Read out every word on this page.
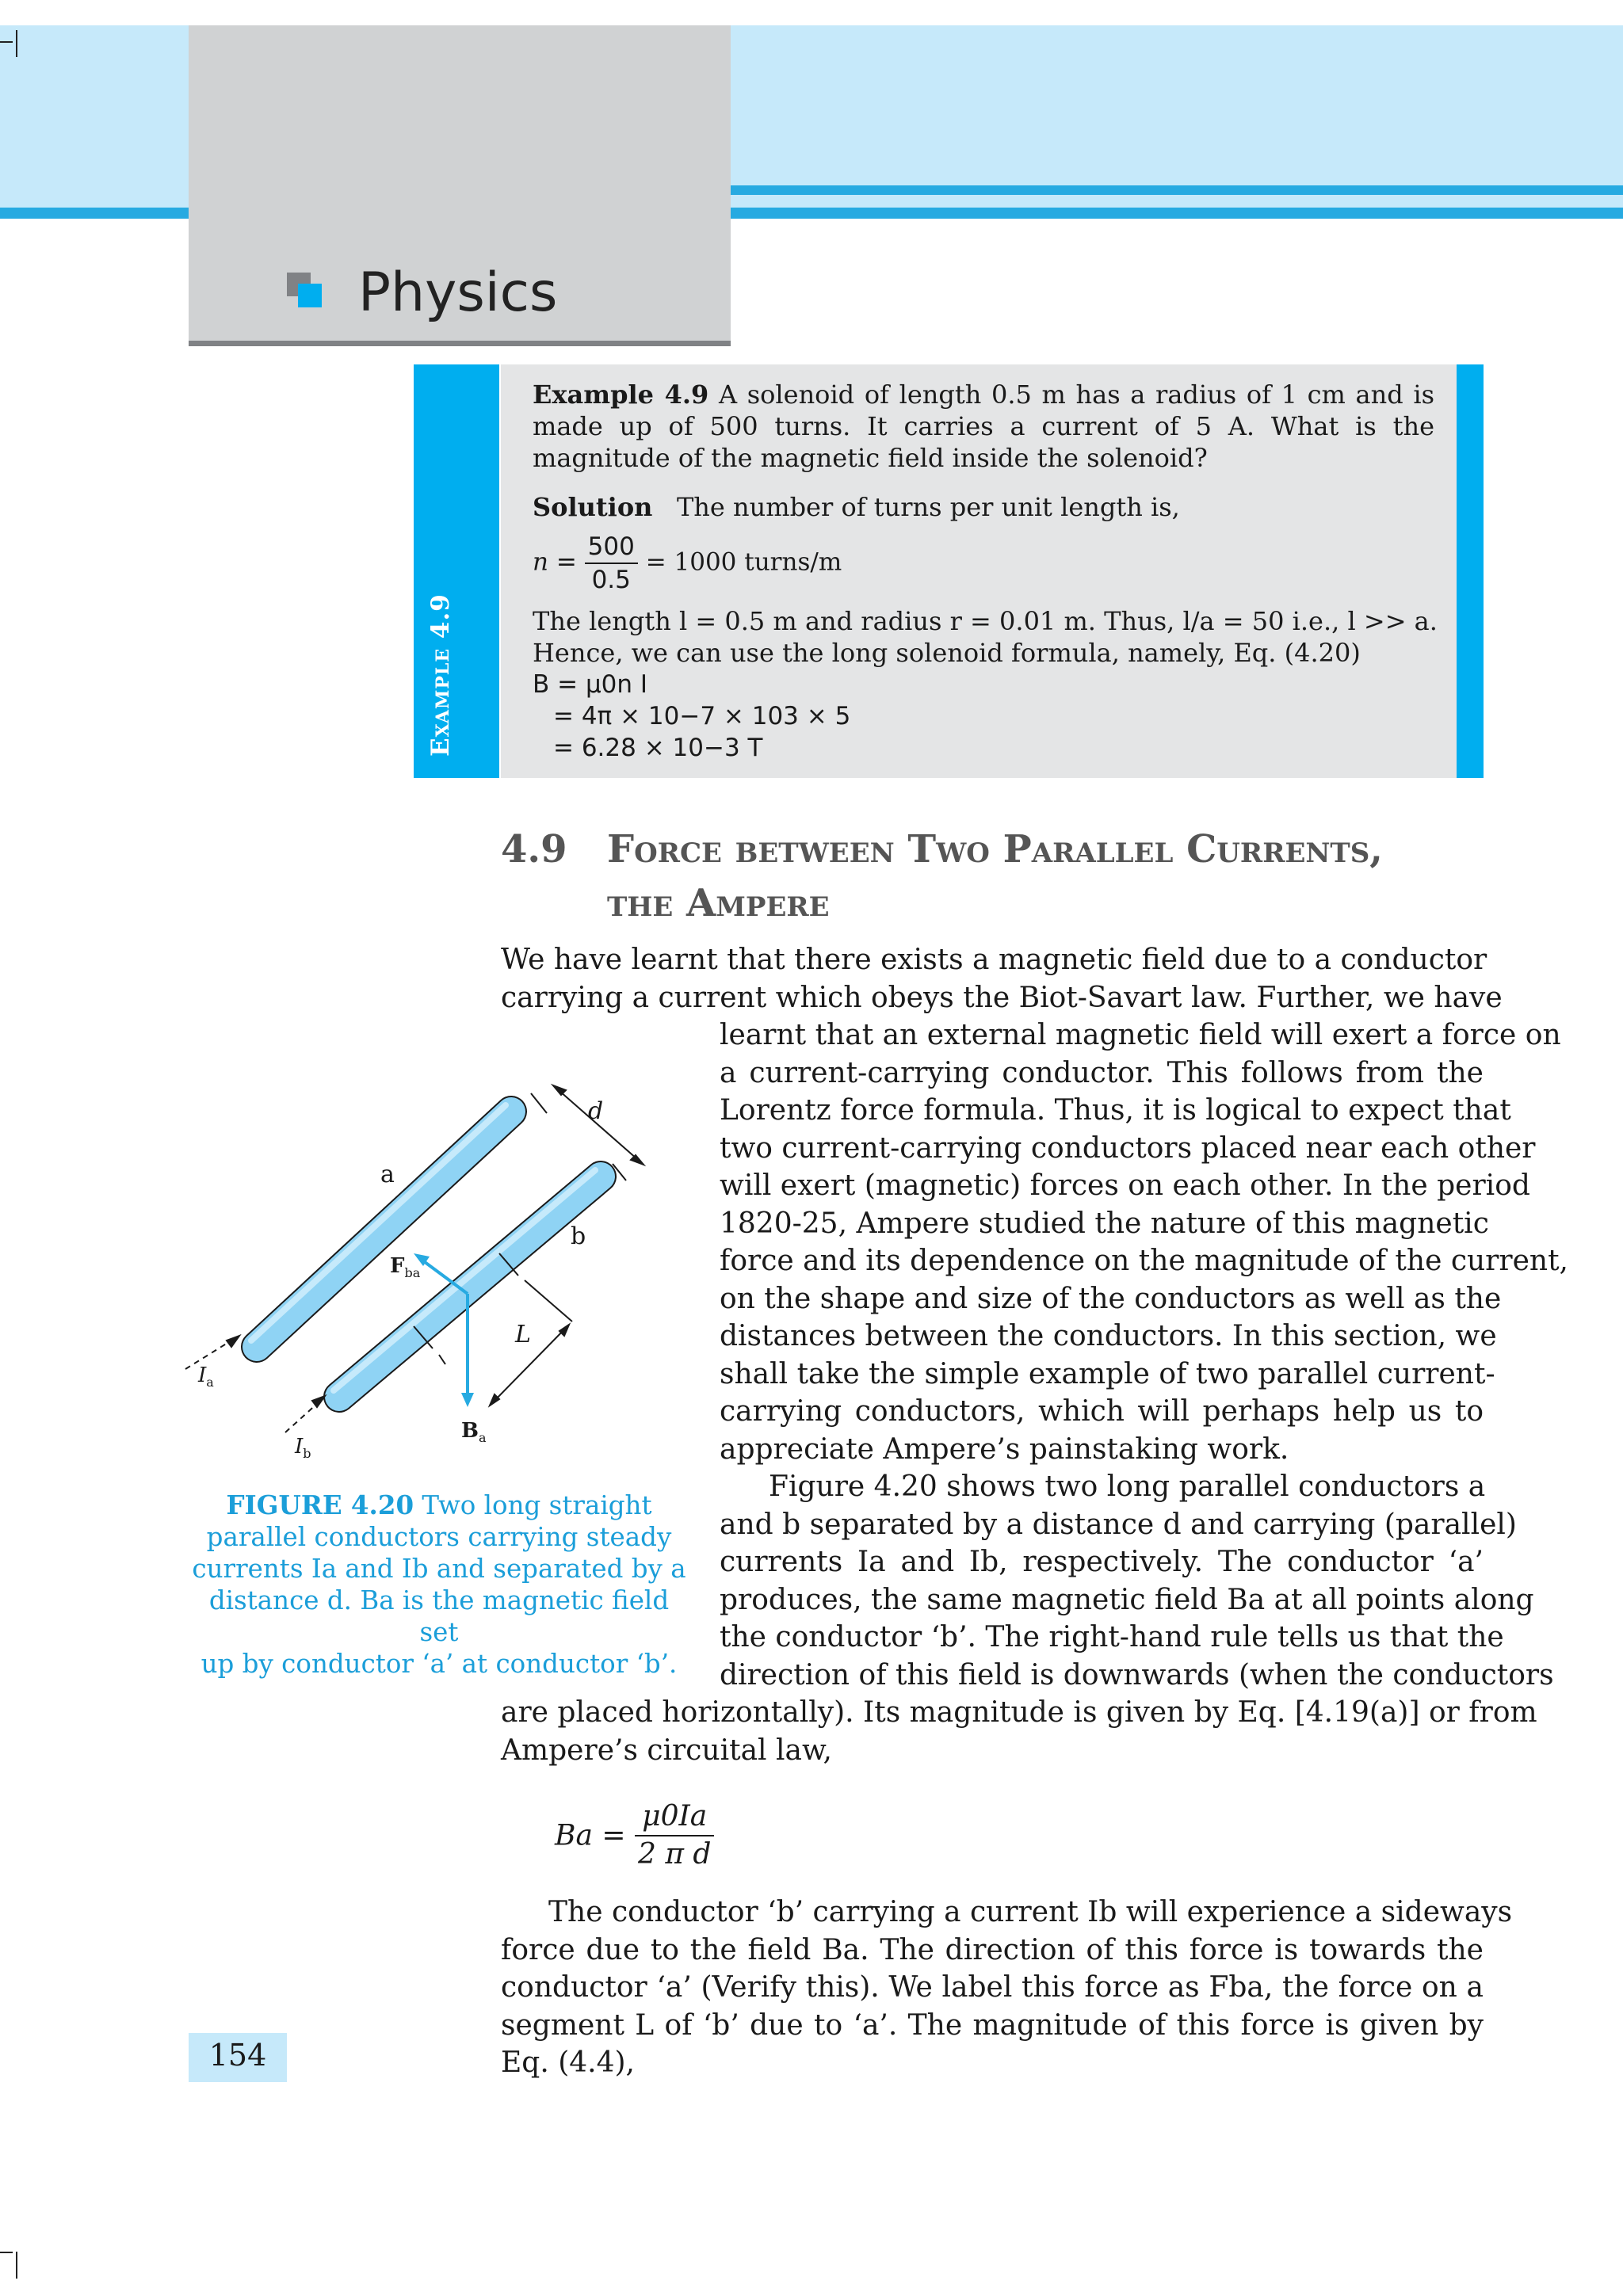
Physics
Example 4.9
Example 4.9 A solenoid of length 0.5 m has a radius of 1 cm and is
made up of 500 turns. It carries a current of 5 A. What is the
magnitude of the magnetic field inside the solenoid?
Solution The number of turns per unit length is,
$n = \frac{500}{0.5} = 1000$ turns/m
The length l = 0.5 m and radius r = 0.01 m. Thus, l/a = 50 i.e., l >> a.
Hence, we can use the long solenoid formula, namely, Eq. (4.20)
B = μ0n I
= 4π × 10−7 × 103 × 5
= 6.28 × 10−3 T
4.9 Force between Two Parallel Currents,
the Ampere
We have learnt that there exists a magnetic field due to a conductor
carrying a current which obeys the Biot-Savart law. Further, we have
learnt that an external magnetic field will exert a force on
a current-carrying conductor. This follows from the
Lorentz force formula. Thus, it is logical to expect that
two current-carrying conductors placed near each other
will exert (magnetic) forces on each other. In the period
1820-25, Ampere studied the nature of this magnetic
force and its dependence on the magnitude of the current,
on the shape and size of the conductors as well as the
distances between the conductors. In this section, we
shall take the simple example of two parallel current-
carrying conductors, which will perhaps help us to
appreciate Ampere’s painstaking work.
Figure 4.20 shows two long parallel conductors a
and b separated by a distance d and carrying (parallel)
currents Ia and Ib, respectively. The conductor ‘a’
produces, the same magnetic field Ba at all points along
the conductor ‘b’. The right-hand rule tells us that the
direction of this field is downwards (when the conductors
are placed horizontally). Its magnitude is given by Eq. [4.19(a)] or from
Ampere’s circuital law,
$Ba = \frac{\mu 0Ia}{\text{2 π d}}$
The conductor ‘b’ carrying a current Ib will experience a sideways
force due to the field Ba. The direction of this force is towards the
conductor ‘a’ (Verify this). We label this force as Fba, the force on a
segment L of ‘b’ due to ‘a’. The magnitude of this force is given by
Eq. (4.4),
a
b
d
L
$F_{ba}$
$B_a$
$I_a$
$I_b$
FIGURE 4.20 Two long straight
parallel conductors carrying steady
currents Ia and Ib and separated by a
distance d. Ba is the magnetic field set
up by conductor ‘a’ at conductor ‘b’.
154
